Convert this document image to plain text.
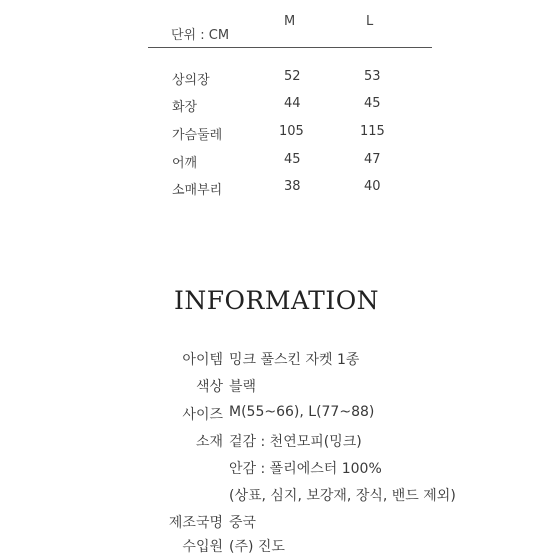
단위 : CM
M	L
상의장	52	53
화장	44	45
가슴둘레	105	115
어깨	45	47
소매부리	38	40
INFORMATION
아이템 밍크 풀스킨 자켓 1종
색상 블랙
사이즈 M(55~66), L(77~88)
소재 겉감 : 천연모피(밍크)
안감 : 폴리에스터 100%
(상표, 심지, 보강재, 장식, 밴드 제외)
제조국명 중국
수입원 (주) 진도
